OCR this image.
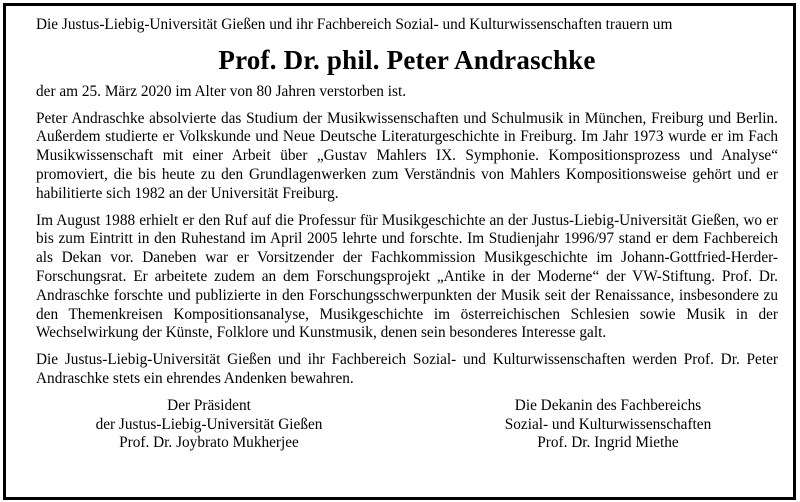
Die Justus-Liebig-Universität Gießen und ihr Fachbereich Sozial- und Kulturwissenschaften trauern um

Prof. Dr. phil. Peter Andraschke

der am 25. März 2020 im Alter von 80 Jahren verstorben ist.

Peter Andraschke absolvierte das Studium der Musikwissenschaften und Schulmusik in München, Freiburg und Berlin. Außerdem studierte er Volkskunde und Neue Deutsche Literaturgeschichte in Freiburg. Im Jahr 1973 wurde er im Fach Musikwissenschaft mit einer Arbeit über „Gustav Mahlers IX. Symphonie. Kompositionsprozess und Analyse“ promoviert, die bis heute zu den Grundlagenwerken zum Verständnis von Mahlers Kompositionsweise gehört und er habilitierte sich 1982 an der Universität Freiburg.

Im August 1988 erhielt er den Ruf auf die Professur für Musikgeschichte an der Justus-Liebig-Universität Gießen, wo er bis zum Eintritt in den Ruhestand im April 2005 lehrte und forschte. Im Studienjahr 1996/97 stand er dem Fachbereich als Dekan vor. Daneben war er Vorsitzender der Fachkommission Musikgeschichte im Johann-Gottfried-Herder-Forschungsrat. Er arbeitete zudem an dem Forschungsprojekt „Antike in der Moderne“ der VW-Stiftung. Prof. Dr. Andraschke forschte und publizierte in den Forschungsschwerpunkten der Musik seit der Renaissance, insbesondere zu den Themenkreisen Kompositionsanalyse, Musikgeschichte im österreichischen Schlesien sowie Musik in der Wechselwirkung der Künste, Folklore und Kunstmusik, denen sein besonderes Interesse galt.

Die Justus-Liebig-Universität Gießen und ihr Fachbereich Sozial- und Kulturwissenschaften werden Prof. Dr. Peter Andraschke stets ein ehrendes Andenken bewahren.

Der Präsident
der Justus-Liebig-Universität Gießen
Prof. Dr. Joybrato Mukherjee
Die Dekanin des Fachbereichs
Sozial- und Kulturwissenschaften
Prof. Dr. Ingrid Miethe
